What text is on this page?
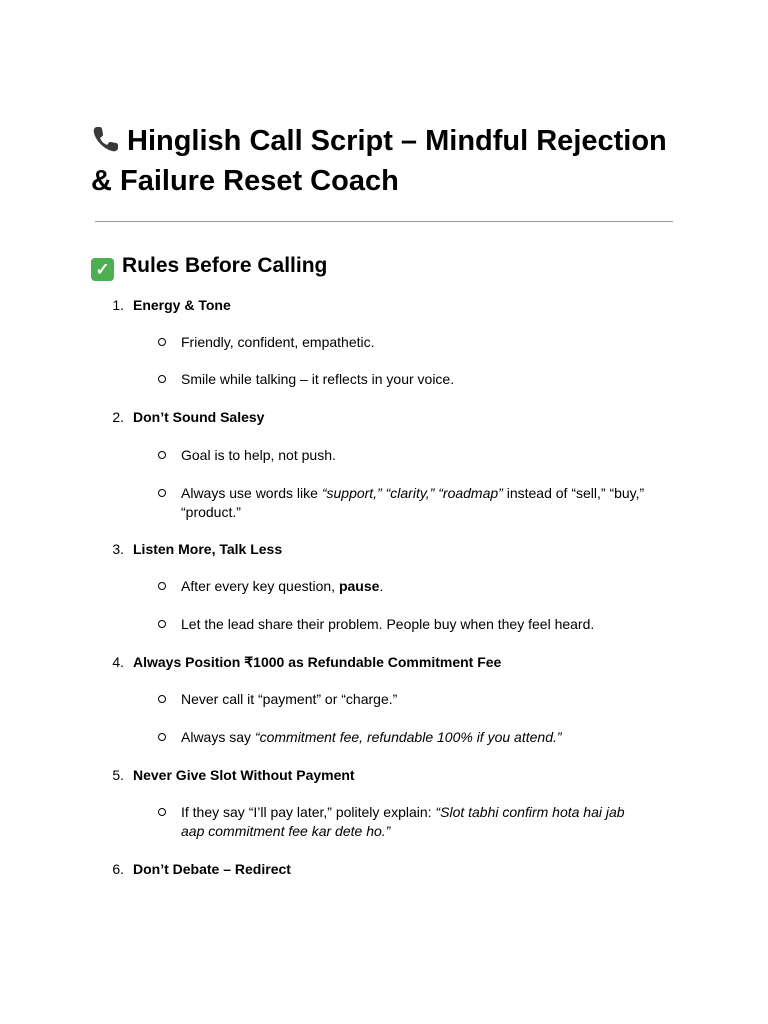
Hinglish Call Script – Mindful Rejection & Failure Reset Coach
✓ Rules Before Calling
1. Energy & Tone
Friendly, confident, empathetic.
Smile while talking – it reflects in your voice.
2. Don’t Sound Salesy
Goal is to help, not push.
Always use words like “support,” “clarity,” “roadmap” instead of “sell,” “buy,” “product.”
3. Listen More, Talk Less
After every key question, pause.
Let the lead share their problem. People buy when they feel heard.
4. Always Position ₹1000 as Refundable Commitment Fee
Never call it “payment” or “charge.”
Always say “commitment fee, refundable 100% if you attend.”
5. Never Give Slot Without Payment
If they say “I’ll pay later,” politely explain: “Slot tabhi confirm hota hai jab aap commitment fee kar dete ho.”
6. Don’t Debate – Redirect
